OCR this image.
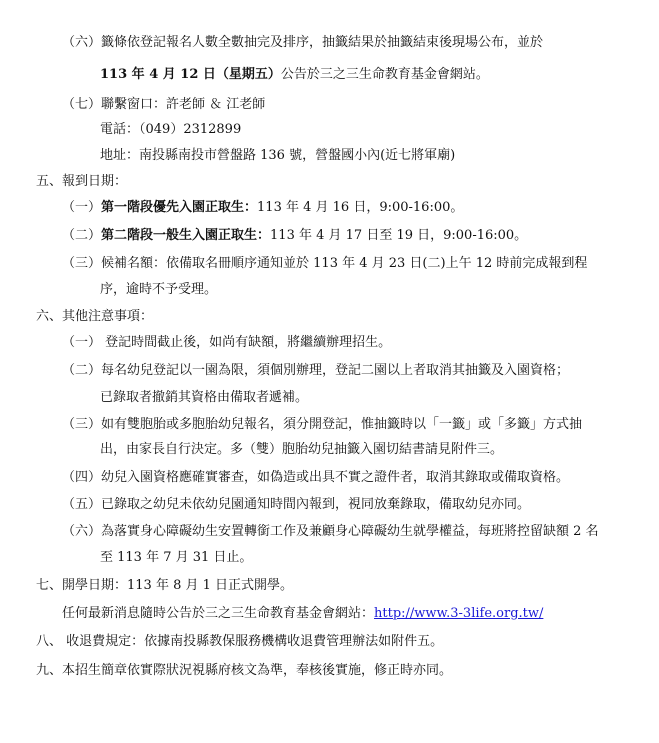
（六）籤條依登記報名人數全數抽完及排序，抽籤結果於抽籤結束後現場公布，並於
113 年 4 月 12 日（星期五）公告於三之三生命教育基金會網站。
（七）聯繫窗口：許老師 ＆ 江老師
電話：（049）2312899
地址：南投縣南投市營盤路 136 號，營盤國小內(近七將軍廟)
五、報到日期：
（一）第一階段優先入園正取生：113 年 4 月 16 日，9:00-16:00。
（二）第二階段一般生入園正取生：113 年 4 月 17 日至 19 日，9:00-16:00。
（三）候補名額：依備取名冊順序通知並於 113 年 4 月 23 日(二)上午 12 時前完成報到程
序，逾時不予受理。
六、其他注意事項：
（一） 登記時間截止後，如尚有缺額，將繼續辦理招生。
（二）每名幼兒登記以一園為限，須個別辦理，登記二園以上者取消其抽籤及入園資格；
已錄取者撤銷其資格由備取者遞補。
（三）如有雙胞胎或多胞胎幼兒報名，須分開登記，惟抽籤時以「一籤」或「多籤」方式抽
出，由家長自行決定。多（雙）胞胎幼兒抽籤入園切結書請見附件三。
（四）幼兒入園資格應確實審查，如偽造或出具不實之證件者，取消其錄取或備取資格。
（五）已錄取之幼兒未依幼兒園通知時間內報到，視同放棄錄取，備取幼兒亦同。
（六）為落實身心障礙幼生安置轉銜工作及兼顧身心障礙幼生就學權益，每班將控留缺額 2 名
至 113 年 7 月 31 日止。
七、開學日期：113 年 8 月 1 日正式開學。
任何最新消息隨時公告於三之三生命教育基金會網站：http://www.3-3life.org.tw/
八、 收退費規定：依據南投縣教保服務機構收退費管理辦法如附件五。
九、本招生簡章依實際狀況視縣府核文為準，奉核後實施，修正時亦同。
